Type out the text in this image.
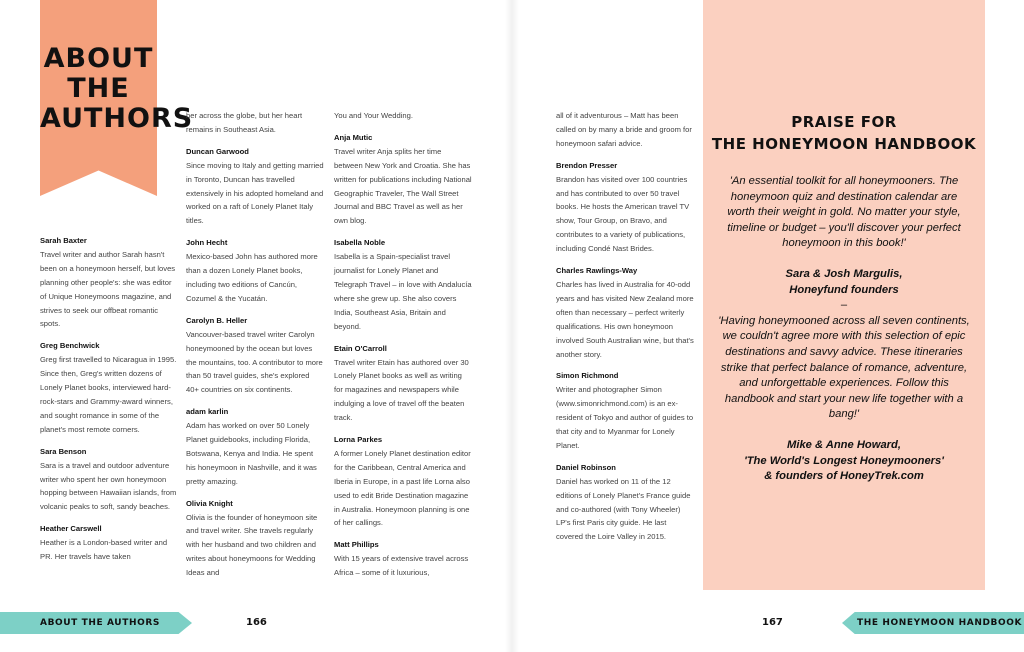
ABOUT
THE
AUTHORS

Sarah Baxter

Travel writer and author Sarah hasn't been on a honeymoon herself, but loves planning other people's: she was editor of Unique Honeymoons magazine, and strives to seek our offbeat romantic spots.

Greg Benchwick

Greg first travelled to Nicaragua in 1995. Since then, Greg's written dozens of Lonely Planet books, interviewed hard-rock-stars and Grammy-award winners, and sought romance in some of the planet's most remote corners.

Sara Benson

Sara is a travel and outdoor adventure writer who spent her own honeymoon hopping between Hawaiian islands, from volcanic peaks to soft, sandy beaches.

Heather Carswell

Heather is a London-based writer and PR. Her travels have taken

her across the globe, but her heart remains in Southeast Asia.

Duncan Garwood

Since moving to Italy and getting married in Toronto, Duncan has travelled extensively in his adopted homeland and worked on a raft of Lonely Planet Italy titles.

John Hecht

Mexico-based John has authored more than a dozen Lonely Planet books, including two editions of Cancún, Cozumel & the Yucatán.

Carolyn B. Heller

Vancouver-based travel writer Carolyn honeymooned by the ocean but loves the mountains, too. A contributor to more than 50 travel guides, she's explored 40+ countries on six continents.

adam karlin

Adam has worked on over 50 Lonely Planet guidebooks, including Florida, Botswana, Kenya and India. He spent his honeymoon in Nashville, and it was pretty amazing.

Olivia Knight

Olivia is the founder of honeymoon site and travel writer. She travels regularly with her husband and two children and writes about honeymoons for Wedding Ideas and

You and Your Wedding.

Anja Mutic

Travel writer Anja splits her time between New York and Croatia. She has written for publications including National Geographic Traveler, The Wall Street Journal and BBC Travel as well as her own blog.

Isabella Noble

Isabella is a Spain-specialist travel journalist for Lonely Planet and Telegraph Travel – in love with Andalucía where she grew up. She also covers India, Southeast Asia, Britain and beyond.

Etain O'Carroll

Travel writer Etain has authored over 30 Lonely Planet books as well as writing for magazines and newspapers while indulging a love of travel off the beaten track.

Lorna Parkes

A former Lonely Planet destination editor for the Caribbean, Central America and Iberia in Europe, in a past life Lorna also used to edit Bride Destination magazine in Australia. Honeymoon planning is one of her callings.

Matt Phillips

With 15 years of extensive travel across Africa – some of it luxurious,

all of it adventurous – Matt has been called on by many a bride and groom for honeymoon safari advice.

Brendon Presser

Brandon has visited over 100 countries and has contributed to over 50 travel books. He hosts the American travel TV show, Tour Group, on Bravo, and contributes to a variety of publications, including Condé Nast Brides.

Charles Rawlings-Way

Charles has lived in Australia for 40-odd years and has visited New Zealand more often than necessary – perfect writerly qualifications. His own honeymoon involved South Australian wine, but that's another story.

Simon Richmond

Writer and photographer Simon (www.simonrichmond.com) is an ex-resident of Tokyo and author of guides to that city and to Myanmar for Lonely Planet.

Daniel Robinson

Daniel has worked on 11 of the 12 editions of Lonely Planet's France guide and co-authored (with Tony Wheeler) LP's first Paris city guide. He last covered the Loire Valley in 2015.

PRAISE FOR
THE HONEYMOON HANDBOOK

'An essential toolkit for all honeymooners. The honeymoon quiz and destination calendar are worth their weight in gold. No matter your style, timeline or budget – you'll discover your perfect honeymoon in this book!'

Sara & Josh Margulis,

Honeyfund founders

–

'Having honeymooned across all seven continents, we couldn't agree more with this selection of epic destinations and savvy advice. These itineraries strike that perfect balance of romance, adventure, and unforgettable experiences. Follow this handbook and start your new life together with a bang!'

Mike & Anne Howard,

'The World's Longest Honeymooners'

& founders of HoneyTrek.com

ABOUT THE AUTHORS	166	167	THE HONEYMOON HANDBOOK
